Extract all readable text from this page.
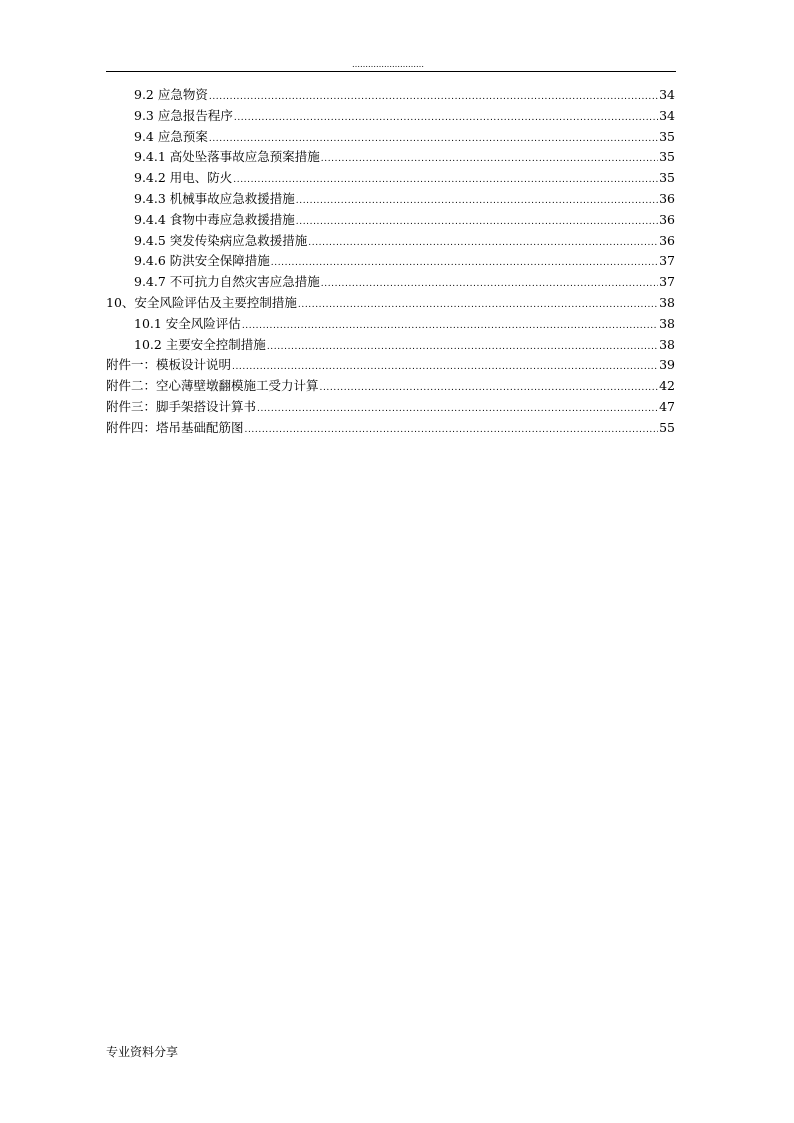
………………………
9.2 应急物资 .....	34
9.3 应急报告程序 .....	34
9.4 应急预案 .....	35
9.4.1 高处坠落事故应急预案措施 .....	35
9.4.2 用电、防火 .....	35
9.4.3 机械事故应急救援措施 .....	36
9.4.4 食物中毒应急救援措施 .....	36
9.4.5 突发传染病应急救援措施 .....	36
9.4.6 防洪安全保障措施 .....	37
9.4.7 不可抗力自然灾害应急措施 .....	37
10、安全风险评估及主要控制措施 .....	38
10.1 安全风险评估 .....	38
10.2 主要安全控制措施 .....	38
附件一：模板设计说明 .....	39
附件二：空心薄壁墩翻模施工受力计算 .....	42
附件三：脚手架搭设计算书 .....	47
附件四：塔吊基础配筋图 .....	55
专业资料分享
